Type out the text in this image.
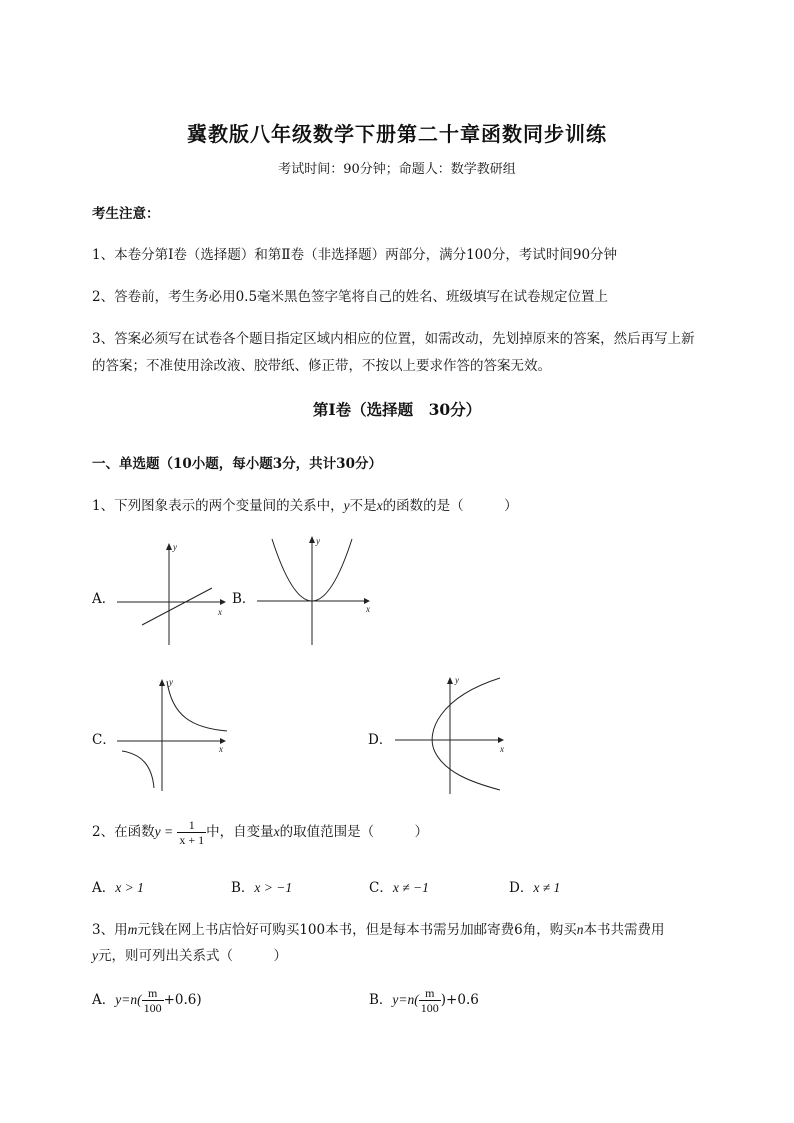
冀教版八年级数学下册第二十章函数同步训练
考试时间：90分钟；命题人：数学教研组
考生注意：
1、本卷分第I卷（选择题）和第Ⅱ卷（非选择题）两部分，满分100分，考试时间90分钟
2、答卷前，考生务必用0.5毫米黑色签字笔将自己的姓名、班级填写在试卷规定位置上
3、答案必须写在试卷各个题目指定区域内相应的位置，如需改动，先划掉原来的答案，然后再写上新
的答案；不准使用涂改液、胶带纸、修正带，不按以上要求作答的答案无效。
第I卷（选择题　30分）
一、单选题（10小题，每小题3分，共计30分）
1、下列图象表示的两个变量间的关系中，y不是x的函数的是（　　　）
A．
x
y
B．
x
y
C．
x
y
D．
x
y
2、在函数$y = \frac{1}{x + 1}$ 中，自变量x的取值范围是（　　　）
A．x > 1	B．x > −1	C．x ≠ −1	D．x ≠ 1
3、用m元钱在网上书店恰好可购买100本书，但是每本书需另加邮寄费6角，购买n本书共需费用
y元，则可列出关系式（　　　）
A．$y=n( \frac{m}{100} +0.6)$	B．$y=n( \frac{m}{100} )+0.6$
